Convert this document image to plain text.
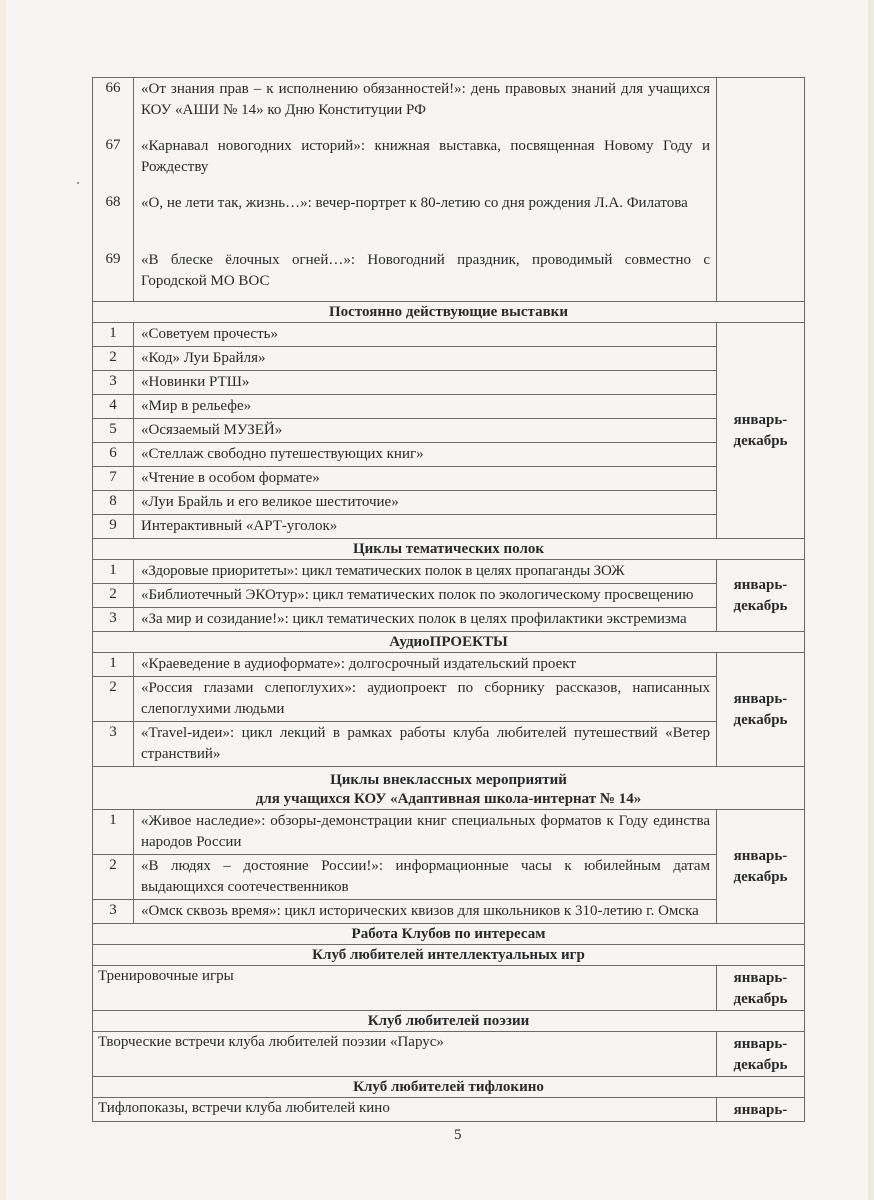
66	«От знания прав – к исполнению обязанностей!»: день правовых знаний для учащихся КОУ «АШИ № 14» ко Дню Конституции РФ
67	«Карнавал новогодних историй»: книжная выставка, посвященная Новому Году и Рождеству
68	«О, не лети так, жизнь…»: вечер-портрет к 80-летию со дня рождения Л.А. Филатова
69	«В блеске ёлочных огней…»: Новогодний праздник, проводимый совместно с Городской МО ВОС
Постоянно действующие выставки
1	«Советуем прочесть»
2	«Код» Луи Брайля»
3	«Новинки РТШ»
4	«Мир в рельефе»
5	«Осязаемый МУЗЕЙ»
6	«Стеллаж свободно путешествующих книг»
7	«Чтение в особом формате»
8	«Луи Брайль и его великое шеститочие»
9	Интерактивный «АРТ-уголок»
январь-
декабрь
Циклы тематических полок
1	«Здоровые приоритеты»: цикл тематических полок в целях пропаганды ЗОЖ
2	«Библиотечный ЭКОтур»: цикл тематических полок по экологическому просвещению
3	«За мир и созидание!»: цикл тематических полок в целях профилактики экстремизма
январь-
декабрь
АудиоПРОЕКТЫ
1	«Краеведение в аудиоформате»: долгосрочный издательский проект
2	«Россия глазами слепоглухих»: аудиопроект по сборнику рассказов, написанных слепоглухими людьми
3	«Travel-идеи»: цикл лекций в рамках работы клуба любителей путешествий «Ветер странствий»
январь-
декабрь
Циклы внеклассных мероприятий
для учащихся КОУ «Адаптивная школа-интернат № 14»
1	«Живое наследие»: обзоры-демонстрации книг специальных форматов к Году единства народов России
2	«В людях – достояние России!»: информационные часы к юбилейным датам выдающихся соотечественников
3	«Омск сквозь время»: цикл исторических квизов для школьников к 310-летию г. Омска
январь-
декабрь
Работа Клубов по интересам
Клуб любителей интеллектуальных игр
Тренировочные игры	январь-
декабрь
Клуб любителей поэзии
Творческие встречи клуба любителей поэзии «Парус»	январь-
декабрь
Клуб любителей тифлокино
Тифлопоказы, встречи клуба любителей кино	январь-
5
